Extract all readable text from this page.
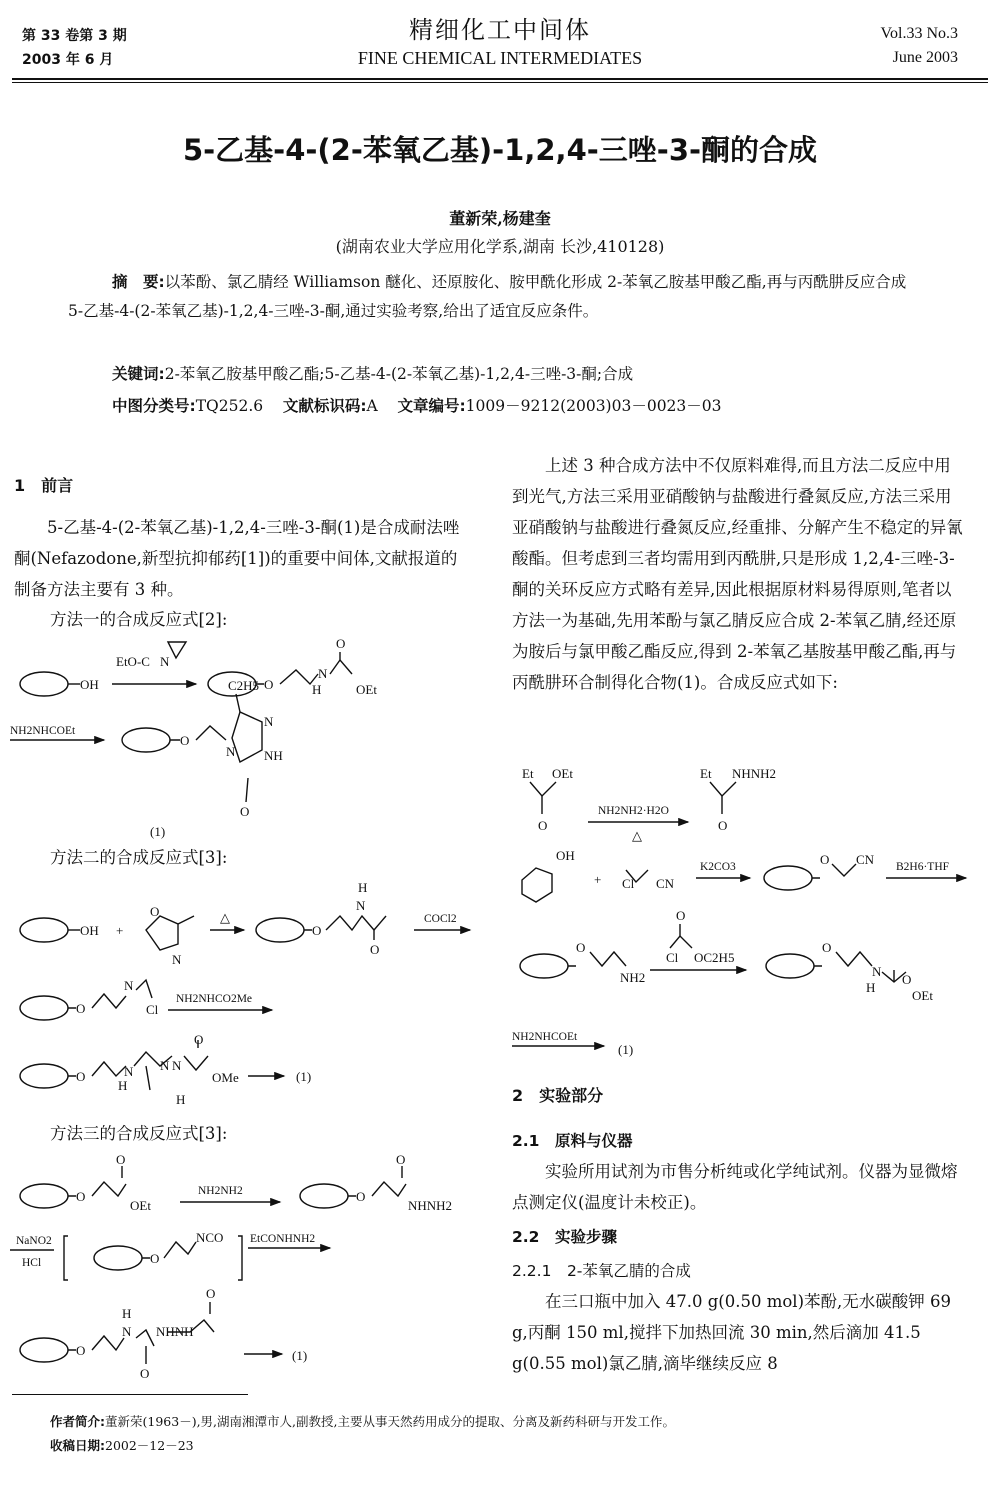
第 33 卷第 3 期
2003 年 6 月
精细化工中间体
FINE CHEMICAL INTERMEDIATES
Vol.33 No.3
June 2003
5-乙基-4-(2-苯氧乙基)-1,2,4-三唑-3-酮的合成
董新荣,杨建奎
(湖南农业大学应用化学系,湖南 长沙,410128)
摘　要:以苯酚、氯乙腈经 Williamson 醚化、还原胺化、胺甲酰化形成 2-苯氧乙胺基甲酸乙酯,再与丙酰肼反应合成 5-乙基-4-(2-苯氧乙基)-1,2,4-三唑-3-酮,通过实验考察,给出了适宜反应条件。
关键词:2-苯氧乙胺基甲酸乙酯;5-乙基-4-(2-苯氧乙基)-1,2,4-三唑-3-酮;合成
中图分类号:TQ252.6 文献标识码:A 文章编号:1009－9212(2003)03－0023－03
1　前言
5-乙基-4-(2-苯氧乙基)-1,2,4-三唑-3-酮(1)是合成耐法唑酮(Nefazodone,新型抗抑郁药[1])的重要中间体,文献报道的制备方法主要有 3 种。
方法一的合成反应式[2]:
方法二的合成反应式[3]:
方法三的合成反应式[3]:
上述 3 种合成方法中不仅原料难得,而且方法二反应中用到光气,方法三采用亚硝酸钠与盐酸进行叠氮反应,方法三采用亚硝酸钠与盐酸进行叠氮反应,经重排、分解产生不稳定的异氰酸酯。但考虑到三者均需用到丙酰肼,只是形成 1,2,4-三唑-3-酮的关环反应方式略有差异,因此根据原材料易得原则,笔者以方法一为基础,先用苯酚与氯乙腈反应合成 2-苯氧乙腈,经还原为胺后与氯甲酸乙酯反应,得到 2-苯氧乙基胺基甲酸乙酯,再与丙酰肼环合制得化合物(1)。合成反应式如下:
2　实验部分
2.1　原料与仪器
实验所用试剂为市售分析纯或化学纯试剂。仪器为显微熔点测定仪(温度计未校正)。
2.2　实验步骤
2.2.1　2-苯氧乙腈的合成
在三口瓶中加入 47.0 g(0.50 mol)苯酚,无水碳酸钾 69 g,丙酮 150 ml,搅拌下加热回流 30 min,然后滴加 41.5 g(0.55 mol)氯乙腈,滴毕继续反应 8
OH
EtO-C N
O
N
H
O
OEt
NH2NHCOEt
O
C2H5
N
NH
N
O
(1)
OH +
O
N
△
O
H
N
O
COCl2
O
N
Cl
NH2NHCO2Me
O	N
H
N N
H
O
OMe	(1)
O
O
OEt
NH2NH2	O
O
NHNH2
NaNO2
HCl	O
NCO EtCONHNH2
O
H
N NHNH
O
O
(1)
Et OEt
O
NH2NH2·H2O
△
Et NHNH2
O
OH
+ Cl CN
K2CO3	O CN B2H6·THF
O
NH2
O
Cl OC2H5
O
N
H
O
OEt
NH2NHCOEt
(1)
作者简介:董新荣(1963－),男,湖南湘潭市人,副教授,主要从事天然药用成分的提取、分离及新药科研与开发工作。
收稿日期:2002－12－23
